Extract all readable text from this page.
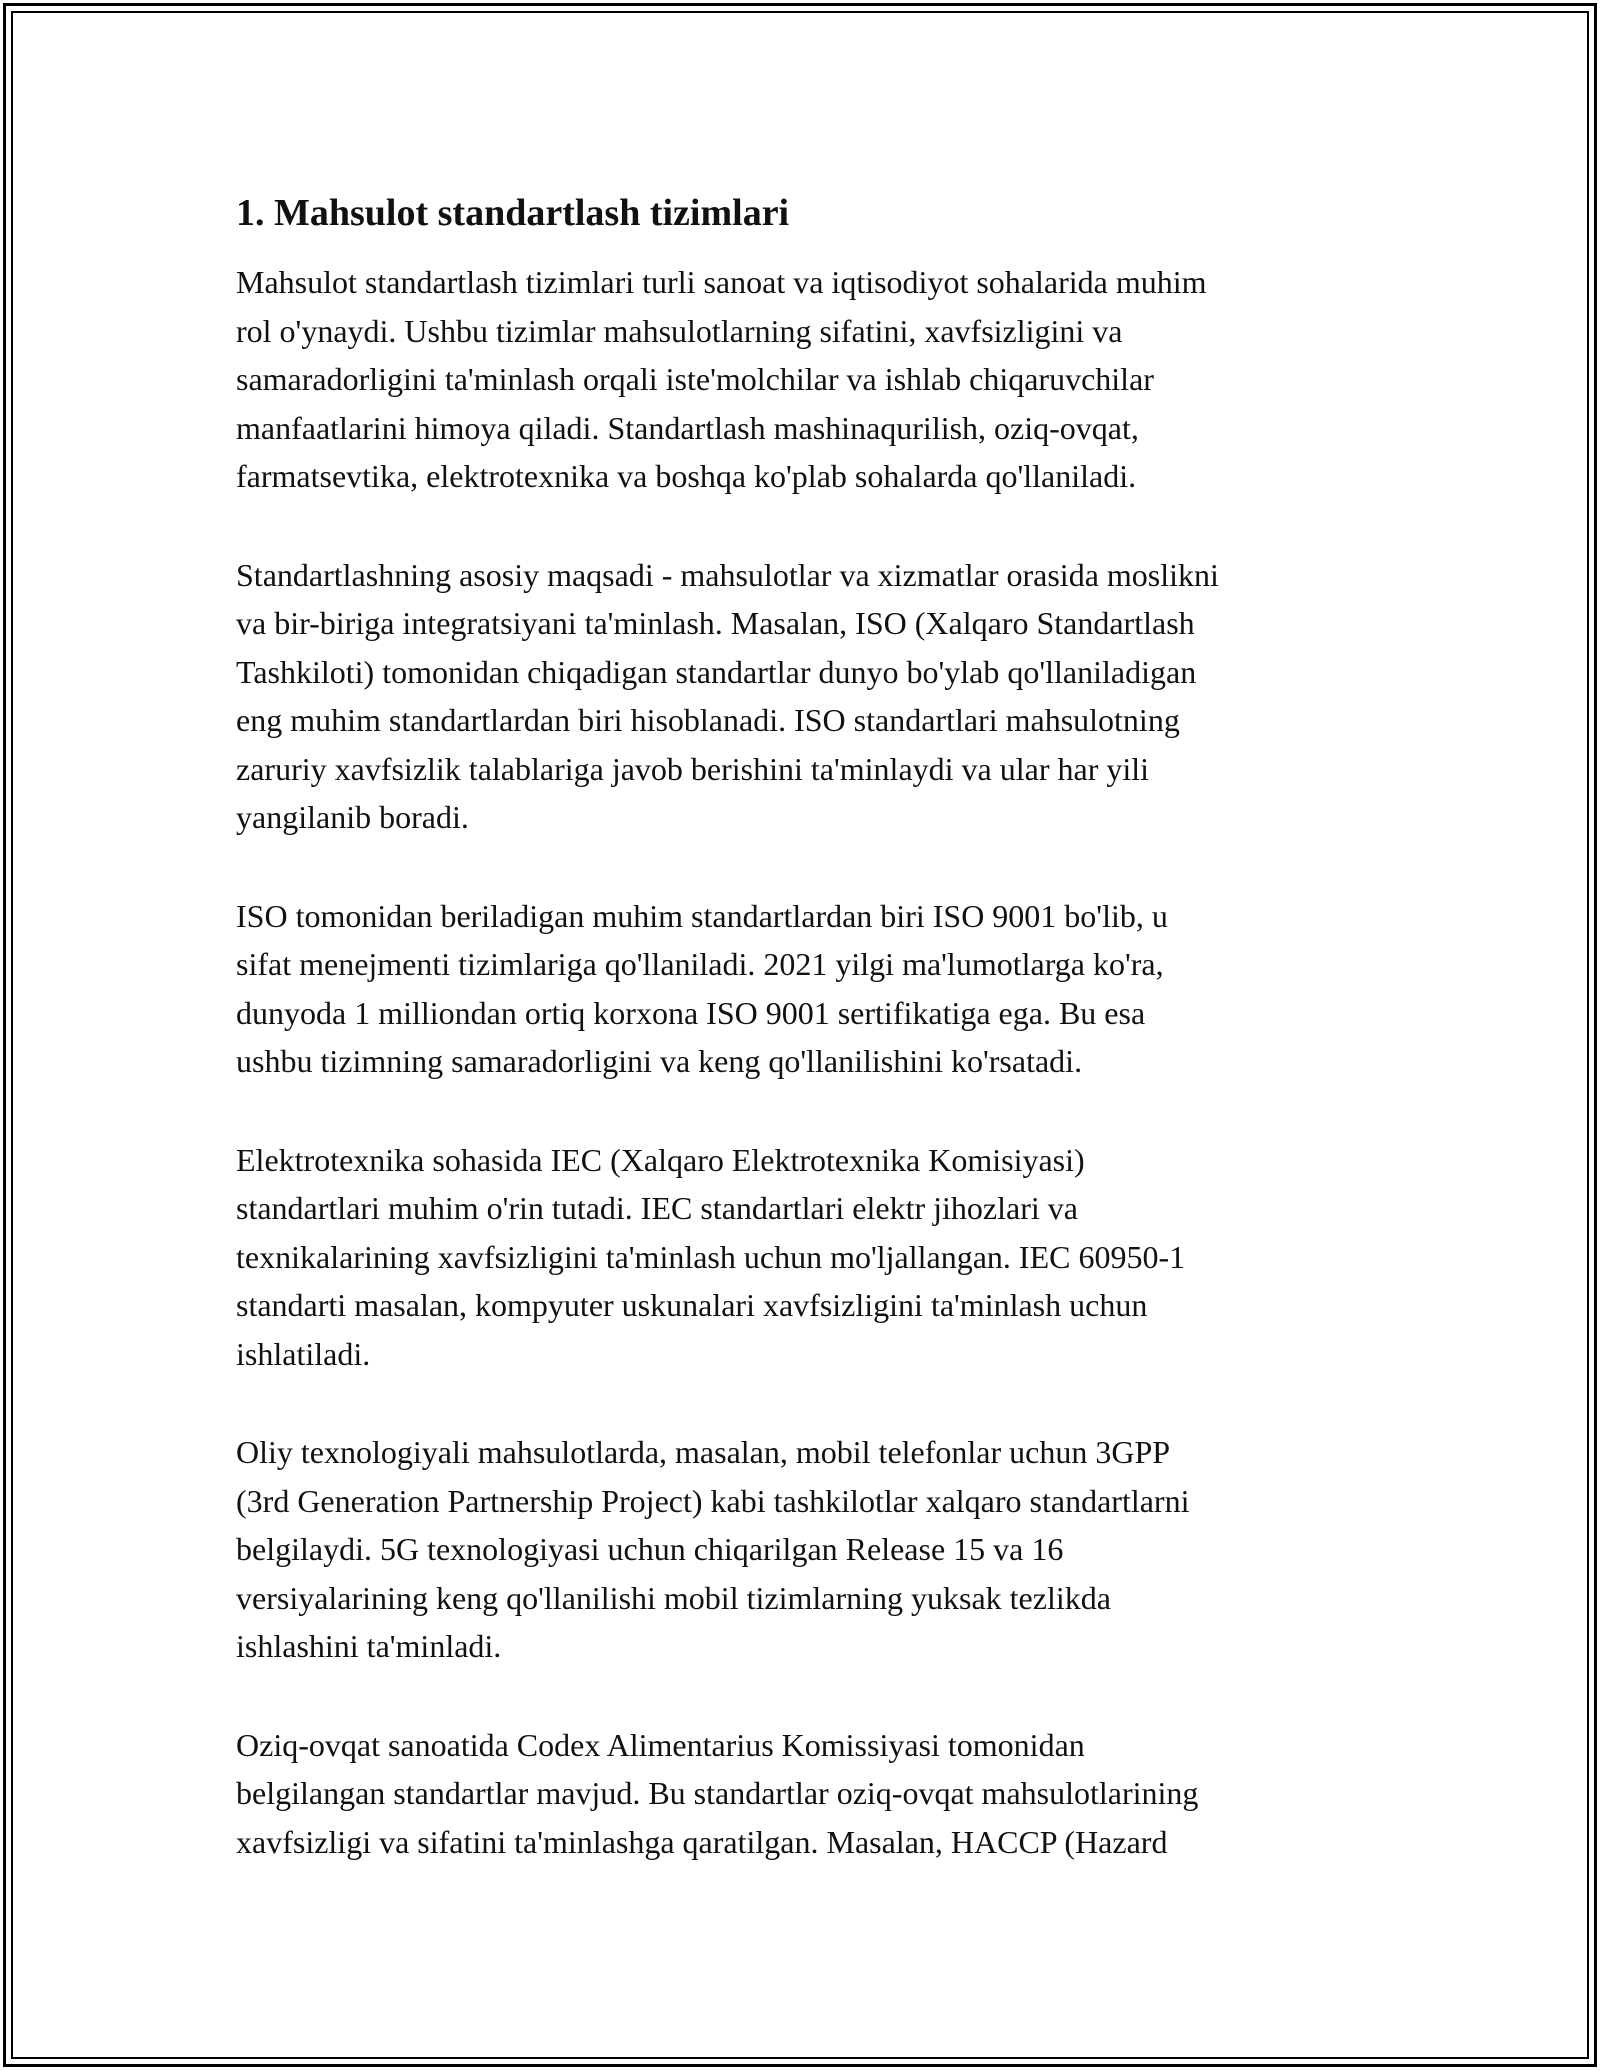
1. Mahsulot standartlash tizimlari

Mahsulot standartlash tizimlari turli sanoat va iqtisodiyot sohalarida muhim
rol o'ynaydi. Ushbu tizimlar mahsulotlarning sifatini, xavfsizligini va
samaradorligini ta'minlash orqali iste'molchilar va ishlab chiqaruvchilar
manfaatlarini himoya qiladi. Standartlash mashinaqurilish, oziq-ovqat,
farmatsevtika, elektrotexnika va boshqa ko'plab sohalarda qo'llaniladi.

Standartlashning asosiy maqsadi - mahsulotlar va xizmatlar orasida moslikni
va bir-biriga integratsiyani ta'minlash. Masalan, ISO (Xalqaro Standartlash
Tashkiloti) tomonidan chiqadigan standartlar dunyo bo'ylab qo'llaniladigan
eng muhim standartlardan biri hisoblanadi. ISO standartlari mahsulotning
zaruriy xavfsizlik talablariga javob berishini ta'minlaydi va ular har yili
yangilanib boradi.

ISO tomonidan beriladigan muhim standartlardan biri ISO 9001 bo'lib, u
sifat menejmenti tizimlariga qo'llaniladi. 2021 yilgi ma'lumotlarga ko'ra,
dunyoda 1 milliondan ortiq korxona ISO 9001 sertifikatiga ega. Bu esa
ushbu tizimning samaradorligini va keng qo'llanilishini ko'rsatadi.

Elektrotexnika sohasida IEC (Xalqaro Elektrotexnika Komisiyasi)
standartlari muhim o'rin tutadi. IEC standartlari elektr jihozlari va
texnikalarining xavfsizligini ta'minlash uchun mo'ljallangan. IEC 60950-1
standarti masalan, kompyuter uskunalari xavfsizligini ta'minlash uchun
ishlatiladi.

Oliy texnologiyali mahsulotlarda, masalan, mobil telefonlar uchun 3GPP
(3rd Generation Partnership Project) kabi tashkilotlar xalqaro standartlarni
belgilaydi. 5G texnologiyasi uchun chiqarilgan Release 15 va 16
versiyalarining keng qo'llanilishi mobil tizimlarning yuksak tezlikda
ishlashini ta'minladi.

Oziq-ovqat sanoatida Codex Alimentarius Komissiyasi tomonidan
belgilangan standartlar mavjud. Bu standartlar oziq-ovqat mahsulotlarining
xavfsizligi va sifatini ta'minlashga qaratilgan. Masalan, HACCP (Hazard
